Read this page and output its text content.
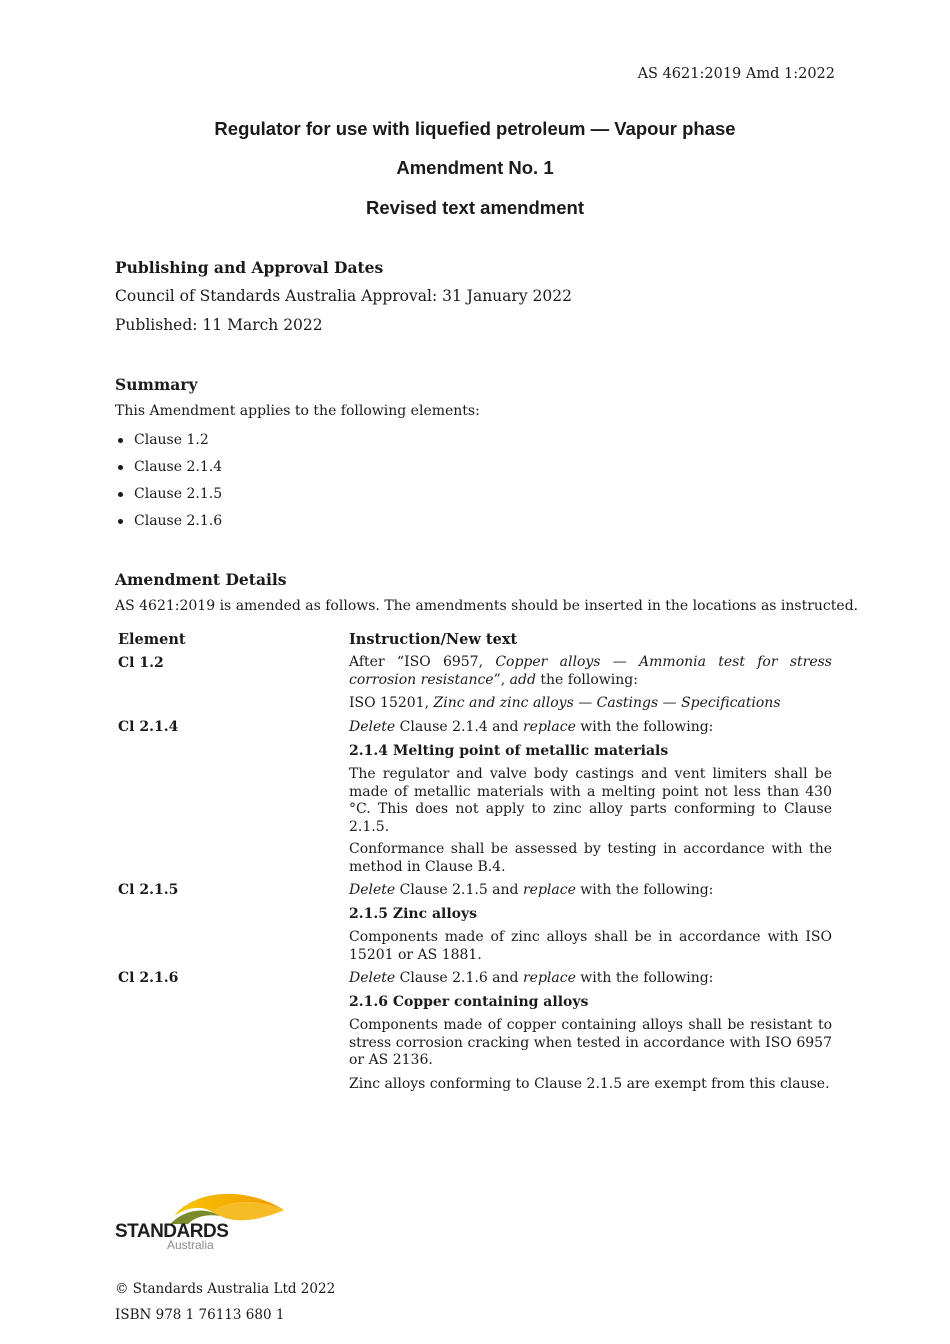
AS 4621:2019 Amd 1:2022
Regulator for use with liquefied petroleum — Vapour phase
Amendment No. 1
Revised text amendment
Publishing and Approval Dates
Council of Standards Australia Approval: 31 January 2022
Published: 11 March 2022
Summary
This Amendment applies to the following elements:
Clause 1.2
Clause 2.1.4
Clause 2.1.5
Clause 2.1.6
Amendment Details
AS 4621:2019 is amended as follows. The amendments should be inserted in the locations as instructed.
Element	Instruction/New text
Cl 1.2	After “ISO 6957, Copper alloys — Ammonia test for stress corrosion resistance”, add the following:

ISO 15201, Zinc and zinc alloys — Castings — Specifications

Cl 2.1.4	Delete Clause 2.1.4 and replace with the following:

2.1.4 Melting point of metallic materials

The regulator and valve body castings and vent limiters shall be made of metallic materials with a melting point not less than 430 °C. This does not apply to zinc alloy parts conforming to Clause 2.1.5.

Conformance shall be assessed by testing in accordance with the method in Clause B.4.

Cl 2.1.5	Delete Clause 2.1.5 and replace with the following:

2.1.5 Zinc alloys

Components made of zinc alloys shall be in accordance with ISO 15201 or AS 1881.

Cl 2.1.6	Delete Clause 2.1.6 and replace with the following:

2.1.6 Copper containing alloys

Components made of copper containing alloys shall be resistant to stress corrosion cracking when tested in accordance with ISO 6957 or AS 2136.

Zinc alloys conforming to Clause 2.1.5 are exempt from this clause.

STANDARDS
Australia
© Standards Australia Ltd 2022
ISBN 978 1 76113 680 1
